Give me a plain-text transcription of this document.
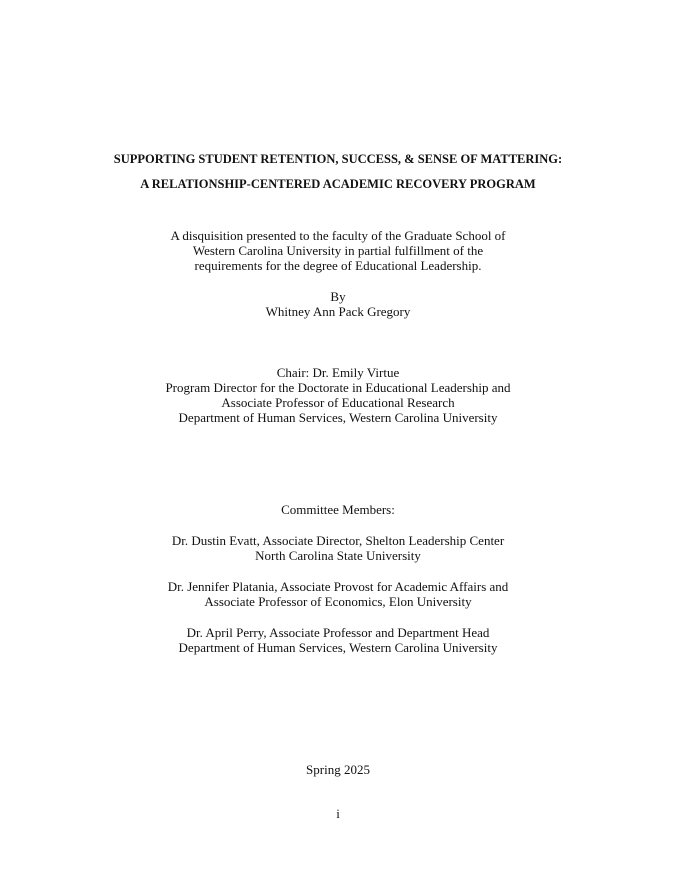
SUPPORTING STUDENT RETENTION, SUCCESS, & SENSE OF MATTERING:
A RELATIONSHIP-CENTERED ACADEMIC RECOVERY PROGRAM
A disquisition presented to the faculty of the Graduate School of
Western Carolina University in partial fulfillment of the
requirements for the degree of Educational Leadership.
By
Whitney Ann Pack Gregory
Chair: Dr. Emily Virtue
Program Director for the Doctorate in Educational Leadership and
Associate Professor of Educational Research
Department of Human Services, Western Carolina University
Committee Members:
Dr. Dustin Evatt, Associate Director, Shelton Leadership Center
North Carolina State University
Dr. Jennifer Platania, Associate Provost for Academic Affairs and
Associate Professor of Economics, Elon University
Dr. April Perry, Associate Professor and Department Head
Department of Human Services, Western Carolina University
Spring 2025
i
